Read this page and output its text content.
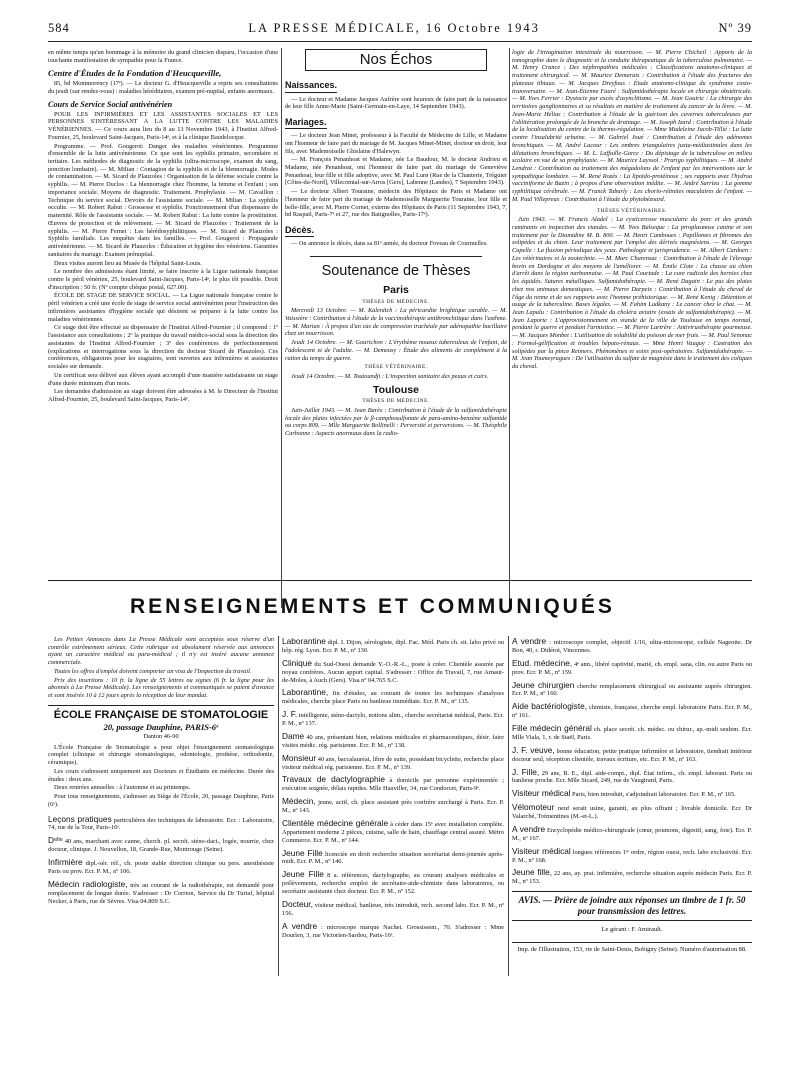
584	LA PRESSE MÉDICALE, 16 Octobre 1943	Nº 39

en même temps qu'un hommage à la mémoire du grand clinicien disparu, l'occasion d'une touchante manifestation de sympathie pour la France.

Centre d'Études de la Fondation d'Heucqueville,

85, bd Montmorency (17ᵉ). — Le docteur G. d'Heucqueville a repris ses consultations du jeudi (sur rendez-vous) : maladies héréditaires, examen pré-nuptial, enfants anormaux.

Cours de Service Social antivénérien

POUR LES INFIRMIÈRES ET LES ASSISTANTES SOCIALES ET LES PERSONNES S'INTÉRESSANT A LA LUTTE CONTRE LES MALADIES VÉNÉRIENNES. — Ce cours aura lieu du 8 au 13 Novembre 1943, à l'Institut Alfred-Fournier, 25, boulevard Saint-Jacques, Paris-14ᵉ, et à la clinique Baudelocque.

Programme. — Prof. Gougerot: Danger des maladies vénériennes. Programme d'ensemble de la lutte antivénérienne. Ce que sont les syphilis primaire, secondaire et tertiaire. Les méthodes de diagnostic de la syphilis (ultra-microscope, examen du sang, ponction lombaire). — M. Milian : Contagion de la syphilis et de la blennorragie. Modes de contamination. — M. Sicard de Plauzoles : Organisation de la défense sociale contre la syphilis. — M. Pierre Duclos : La blennorragie chez l'homme, la femme et l'enfant ; son importance sociale. Moyens de diagnostic. Traitement. Prophylaxie. — M. Cavaillon : Technique du service social. Devoirs de l'assistante sociale. — M. Milian : La syphilis occulte. — M. Robert Rabut : Grossesse et syphilis. Fonctionnement d'un dispensaire de maternité. Rôle de l'assistante sociale. — M. Robert Rabut : La lutte contre la prostitution. Œuvres de protection et de relèvement. — M. Sicard de Plauzoles : Traitement de la syphilis. — M. Pierre Fernet : Les hérédosyphilitiques. — M. Sicard de Plauzoles : Syphilis familiale. Les enquêtes dans les familles. — Prof. Gougerot : Propagande antivénérienne. — M. Sicard de Plauzoles : Éducation et hygiène des vénériens. Garanties sanitaires du mariage. Examen prénuptial.

Deux visites auront lieu au Musée de l'hôpital Saint-Louis.

Le nombre des admissions étant limité, se faire inscrire à la Ligue nationale française contre le péril vénérien, 25, boulevard Saint-Jacques, Paris-14ᵉ, le plus tôt possible. Droit d'inscription : 50 fr. (Nº compte chèque postal, 627.00).

ÉCOLE DE STAGE DE SERVICE SOCIAL. — La Ligue nationale française contre le péril vénérien a créé une école de stage de service social antivénérien pour l'instruction des infirmières assistantes d'hygiène sociale qui désirent se préparer à la lutte contre les maladies vénériennes.

Ce stage doit être effectué au dispensaire de l'Institut Alfred-Fournier ; il comprend : 1º l'assistance aux consultations ; 2º la pratique du travail médico-social sous la direction des assistantes de l'Institut Alfred-Fournier ; 3º des conférences de perfectionnement (explications et interrogations sous la direction du docteur Sicard de Plauzoles). Ces conférences, obligatoires pour les stagiaires, sont ouvertes aux infirmières et assistantes sociales sur demande.

Un certificat sera délivré aux élèves ayant accompli d'une manière satisfaisante un stage d'une durée minimum d'un mois.

Les demandes d'admission au stage doivent être adressées à M. le Directeur de l'Institut Alfred-Fournier, 25, boulevard Saint-Jacques, Paris-14ᵉ.

Nos Échos
Naissances.

— Le docteur et Madame Jacques Aufrère sont heureux de faire part de la naissance de leur fille Anne-Marie (Saint-Germain-en-Laye, 14 Septembre 1943).

Mariages.

— Le docteur Jean Minet, professeur à la Faculté de Médecine de Lille, et Madame ont l'honneur de faire part du mariage de M. Jacques Minet-Minet, docteur en droit, leur fils, avec Mademoiselle Ghislaine d'Halewyn.

— M. François Penanhoat et Madame, née Le Baudour, M. le docteur Andrieu et Madame, née Penanhoat, ont l'honneur de faire part du mariage de Geneviève Penanhoat, leur fille et fille adoptive, avec M. Paul Lurø (Rue de la Chanterie, Tréguier [Côtes-du-Nord], Villecomtal-sur-Arros [Gers], Labenne (Landes), 7 Septembre 1943).

— Le docteur Albert Touraine, médecin des Hôpitaux de Paris et Madame ont l'honneur de faire part du mariage de Mademoiselle Marguerite Touraine, leur fille et belle-fille, avec M. Pierre Cornet, externe des Hôpitaux de Paris (11 Septembre 1943, 7, bd Raspail, Paris-7ᵉ et 27, rue des Batignolles, Paris-17ᵉ).

Décès.

— On annonce le décès, dans sa 81ᵉ année, du docteur Foveau de Courmelles.

Soutenance de Thèses
Paris
THÈSES DE MÉDECINE.

Mercredi 13 Octobre. — M. Kalenitch : La péricardite brightique curable. — M. Vaissière : Contribution à l'étude de la vaccinothérapie antibronchitique dans l'asthme. — M. Marian : À propos d'un cas de compression trachéale par adénopathie bacillaire chez un nourrisson.

Jeudi 14 Octobre. — M. Gourichon : L'érythème noueux tuberculeux de l'enfant, de l'adolescent et de l'adulte. — M. Demeusy : Étude des aliments de complément à la ration du temps de guerre.

THÈSE VÉTÉRINAIRE.

Jeudi 14 Octobre. — M. Toutoundji : L'inspection sanitaire des peaux et cuirs.

Toulouse
THÈSES DE MÉDECINE.

Juin-Juillet 1943. — M. Jean Barès : Contribution à l'étude de la sulfamidothérapie locale des plaies infectées par le β-camphosulfonate de para-amino-benzène sulfamide ou corps 809. — Mlle Marguerite Bollinelli : Perversité et perversions. — M. Théophile Carbonne : Aspects anormaux dans la radio-

logie de l'invagination intestinale du nourrisson. — M. Pierre Chicheil : Apports de la tomographie dans le diagnostic et la conduite thérapeutique de la tuberculose pulmonaire. — M. Henry Crance : Des néphropathies médicales : Classifications anatomo-cliniques et traitement chirurgical. — M. Maurice Demarais : Contribution à l'étude des fractures des plateaux tibiaux. — M. Jacques Dreyfous : Étude anatomo-clinique du syndrome costo-transversaire. — M. Jean-Étienne Fauré : Sulfamidothérapie locale en chirurgie obstétricale. — M. Yves Ferrier : Dystocie par excès d'asynclitisme. — M. Jean Gouiric : La chirurgie des territoires ganglionnaires et sa résultats en matière de traitement du cancer de la lèvre. — M. Jean-Marie Hélias : Contribution à l'étude de la guérison des cavernes tuberculeuses par l'oblitération prolongée de la bronche de drainage. — M. Joseph Izard : Contribution à l'étude de la localisation du centre de la thermo-régulation. — Mme Madeleine Jacob-Tillié : La lutte contre l'insalubrité urbaine. — M. Gabriel Joué : Contribution à l'étude des adénomes bronchiques. — M. André Lacour : Les ombres triangulaires juxta-médiastinales dans les dilatations bronchiques. — M. L. Laffaille-Gorce : Du dépistage de la tuberculose en milieu scolaire en vue de sa prophylaxie. — M. Maurice Layssol : Prurigo syphilitiques. — M. André Lendrat : Contribution au traitement des mégadolons de l'enfant par les interventions sur le sympathique lombaire. — M. René Rozès : La lipoïdo-protéinose ; ses rapports avec l'hydroa vacciniforme de Bazin ; à propos d'une observation inédite. — M. André Sarrieu : La gomme syphilitique cérébrale. — M. Franck Tabarly : Les chorio-rétinites maculaires de l'enfant. — M. Paul Villepreux : Contribution à l'étude du phytobézoard.

THÈSES VÉTÉRINAIRES.

Juin 1943. — M. Francis Aladel : La cysticercose musculaire du porc et des grands ruminants en inspection des viandes. — M. Yves Balseque : La piroplasmose canine et son traitement par la Diamidine M. B. 800. — M. Henri Camboues : Papillomes et fibromes des solipèdes et du chien. Leur traitement par l'emploi des dérivés magnésiens. — M. Georges Capelle : La fluxion périodique des yeux. Pathologie et jurisprudence. — M. Albert Cardoen : Les vétérinaires et la zootechnie. — M. Marc Charensac : Contribution à l'étude de l'élevage bovin en Dordogne et des moyens de l'améliorer. — M. Émile Clote : La chasse au chien d'arrêt dans la région narbonnaise. — M. Paul Courtade : La cure radicale des hernies chez les équidés. Sutures métalliques. Sulfamidothérapie. — M. René Dagain : Le pus des plaies chez nos animaux domestiques. — M. Pierre Darpeix : Contribution à l'étude du cheval de l'âge du renne et de ses rapports avec l'homme préhistorique. — M. René Kenig : Détention et usage de la tuberculine. Bases légales. — M. Fahim Ladkany : Le cancer chez le chat. — M. Jean Lapalu : Contribution à l'étude du choléra aviaire (essais de sulfamidothérapie). — M. Jean Laporte : L'approvisionnement en viande de la ville de Toulouse en temps normal, pendant la guerre et pendant l'armistice. — M. Pierre Lartrère : Antivirusthérapie gourmeuse. — M. Jacques Monbet : L'utilisation de solubilité du poisson de mer frais. — M. Paul Senonac : Formol-gélification et troubles hépato-rénaux. — Mme Henri Vauguy : Castration des solipèdes par la pince Reimers. Phénomènes et soins post-opératoires. Sulfamidothérapie. — M. Jean Toumeyragues : De l'utilisation du sulfate de magnésie dans le traitement des coliques du cheval.

RENSEIGNEMENTS ET COMMUNIQUÉS

Les Petites Annonces dans La Presse Médicale sont acceptées sous réserve d'un contrôle extrêmement sérieux. Cette rubrique est absolument réservée aux annonces ayant un caractère médical ou para-médical ; il n'y est inséré aucune annonce commerciale.

Toutes les offres d'emploi doivent comporter un visa de l'Inspection du travail.

Prix des insertions : 10 fr. la ligne de 55 lettres ou signes (6 fr. la ligne pour les abonnés à La Presse Médicale). Les renseignements et communiqués se paient d'avance et sont insérés 10 à 12 jours après la réception de leur mandat.

ÉCOLE FRANÇAISE DE STOMATOLOGIE
20, passage Dauphine, PARIS-6ᵉ
Danton 46-90

L'École Française de Stomatologie a pour objet l'enseignement stomatologique complet (clinique et chirurgie stomatologique, odontologie, prothèse, orthodontie, céramique).

Les cours s'adressent uniquement aux Docteurs et Étudiants en médecine. Durée des études : deux ans.

Deux rentrées annuelles : à l'automne et au printemps.

Pour tous renseignements, s'adresser au Siège de l'École, 20, passage Dauphine, Paris (6ᵉ).

Leçons pratiques particulières des techniques de laboratoire. Ecr. : Laboratoire, 74, rue de la Tour, Paris-16ᵉ.

Dᵉˡˡᵉ 40 ans, marchant avec canne, cherch. pl. secrét. sténo-dact., logée, nourrie, chez docteur, clinique. J. Nouvellon, 18, Grande-Rue, Montrouge (Seine).

Infirmière dipl.-sér. réf., ch. poste stable direction clinique ou pers. anesthésiste Paris ou prov. Ecr. P. M., nº 106.

Médecin radiologiste, très au courant de la radiothérapie, est demandé pour remplacement de longue durée. S'adresser : Dr Corrion, Service du Dr Turiaf, hôpital Necker, à Paris, rue de Sèvres. Visa 04.809 S.C.

Laborantine dipl. I. Dijon, sérologiste, dipl. Fac. Méd. Paris ch. sit. labo privé ou hôp. rég. Lyon. Ecr. P. M., nº 130.

Clinique du Sud-Ouest demande Y.-O.-R.-L., poste à créer. Clientèle assurée par noyau confrères. Aucun apport capital. S'adresser : Office du Travail, 7, rue Arnaut-de-Moles, à Auch (Gers). Visa nº 04.765 S.C.

Laborantine, fin d'études, au courant de toutes les techniques d'analyses médicales, cherche place Paris ou banlieue immédiate. Ecr. P. M., nº 135.

J. F. intelligente, sténo-dactylo, notions alim., cherche secrétariat médical, Paris. Ecr. P. M., nº 137.

Dame 40 ans, présentant bien, relations médicales et pharmaceutiques, désir. faire visites médic. rég. parisienne. Ecr. P. M., nº 138.

Monsieur 40 ans, baccalauréat, libre de suite, possédant bicyclette, recherche place visiteur médical rég. parisienne. Ecr. P. M., nº 139.

Travaux de dactylographie à domicile par personne expérimentée ; exécution soignée, délais rapides. Mlle Hauviller, 34, rue Condorcet, Paris-9ᵉ.

Médecin, jeune, actif, ch. place assistant près confrère surchargé à Paris. Ecr. P. M., nº 143.

Clientèle médecine générale à céder dans 15ᵉ avec installation complète. Appartement moderne 2 pièces, cuisine, salle de bain, chauffage central assuré. Métro Commerce. Ecr. P. M., nº 144.

Jeune Fille licenciée en droit recherche situation secrétariat demi-journée après-midi. Ecr. P. M., nº 146.

Jeune Fille 8 a. références, dactylographe, au courant analyses médicales et prélèvements, recherche emploi de secrétaire-aide-chimiste dans laboratoires, ou secrétaire assistante chez docteur. Ecr. P. M., nº 152.

Docteur, visiteur médical, banlieue, très introduit, rech. second labo. Ecr. P. M., nº 156.

A vendre : microscope marque Nachet. Grossissem., 70. S'adresser : Mme Dourlen, 3, rue Victorien-Sardou, Paris-16ᵉ.

A vendre : microscope complet, objectif 1/16, ultra-microscope, cellule Nageotte. Dr Bon, 40, r. Didérot, Vincennes.

Etud. médecine, 4ᵉ ann., libéré captivité, marié, ch. empl. sana, clin. ou autre Paris ou prov. Ecr. P. M., nº 159.

Jeune chirurgien cherche remplacement chirurgical ou assistante auprès chirurgien. Ecr. P. M., nº 160.

Aide bactériologiste, chimiste, française, cherche empl. laboratoire Paris. Ecr. P. M., nº 161.

Fille médecin général ch. place secrét. ch. médec. ou chirur., ap.-midi seulem. Ecr. Mlle Viala, 1, r. de Staël, Paris.

J. F. veuve, bonne éducation, petite pratique infirmière et laboratoire, tiendrait intérieur docteur seul, réception clientèle, travaux écriture, etc. Ecr. P. M., nº 163.

J. Fille, 29 ans, B. E., dipl. aide-compt., dipl. État infirm., ch. empl. laborant. Paris ou banlieue proche. Ecr. Mlle Sicard, 249, rue de Vaugirard, Paris.

Visiteur médical Paris, bien introduit, s'adjoindrait laboratoire. Ecr. P. M., nº 165.

Vélomoteur neuf serait usine, garanti, au plus offrant ; livrable domicile. Ecr. Dr Valarché, Trémentines (M.-et-L.).

A vendre Encyclopédie médico-chirurgicale (cœur, poumons, digestif, sang, foie). Ecr. P. M., nº 167.

Visiteur médical longues références 1ᵉʳ ordre, région ouest, rech. labo exclusivité. Ecr. P. M., nº 168.

Jeune fille, 22 ans, ay. prat. infirmière, recherche situation auprès médecin Paris. Ecr. P. M., nº 153.

AVIS. — Prière de joindre aux réponses un timbre de 1 fr. 50 pour transmission des lettres.
Le gérant : F. Amirault.
Imp. de l'Illustration, 153, rte de Saint-Denis, Bobigny (Seine). Numéro d'autorisation 88.
